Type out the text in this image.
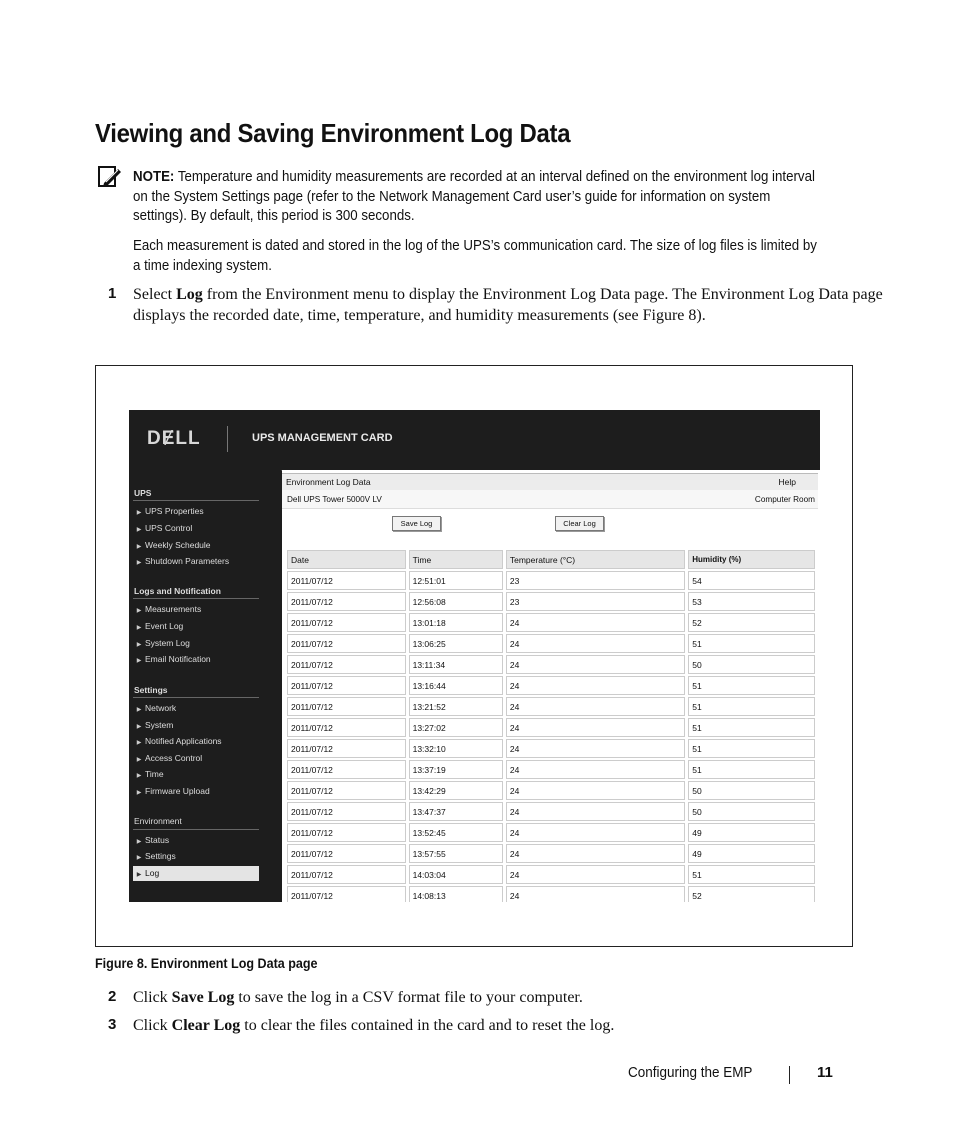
Viewing and Saving Environment Log Data
NOTE: Temperature and humidity measurements are recorded at an interval defined on the environment log interval on the System Settings page (refer to the Network Management Card user’s guide for information on system settings). By default, this period is 300 seconds.
Each measurement is dated and stored in the log of the UPS’s communication card. The size of log files is limited by a time indexing system.
1 Select Log from the Environment menu to display the Environment Log Data page. The Environment Log Data page displays the recorded date, time, temperature, and humidity measurements (see Figure 8).
DɆLL	UPS MANAGEMENT CARD
UPS
▶ UPS Properties
▶ UPS Control
▶ Weekly Schedule
▶ Shutdown Parameters
Logs and Notification
▶ Measurements
▶ Event Log
▶ System Log
▶ Email Notification
Settings
▶ Network
▶ System
▶ Notified Applications
▶ Access Control
▶ Time
▶ Firmware Upload
Environment
▶ Status
▶ Settings
▶ Log
Environment Log Data	Help
Dell UPS Tower 5000V LV	Computer Room
Save Log	Clear Log
Date	Time	Temperature (°C)	Humidity (%)
2011/07/12	12:51:01	23	54
2011/07/12	12:56:08	23	53
2011/07/12	13:01:18	24	52
2011/07/12	13:06:25	24	51
2011/07/12	13:11:34	24	50
2011/07/12	13:16:44	24	51
2011/07/12	13:21:52	24	51
2011/07/12	13:27:02	24	51
2011/07/12	13:32:10	24	51
2011/07/12	13:37:19	24	51
2011/07/12	13:42:29	24	50
2011/07/12	13:47:37	24	50
2011/07/12	13:52:45	24	49
2011/07/12	13:57:55	24	49
2011/07/12	14:03:04	24	51
2011/07/12	14:08:13	24	52
Figure 8. Environment Log Data page
2 Click Save Log to save the log in a CSV format file to your computer.
3 Click Clear Log to clear the files contained in the card and to reset the log.
Configuring the EMP	11
